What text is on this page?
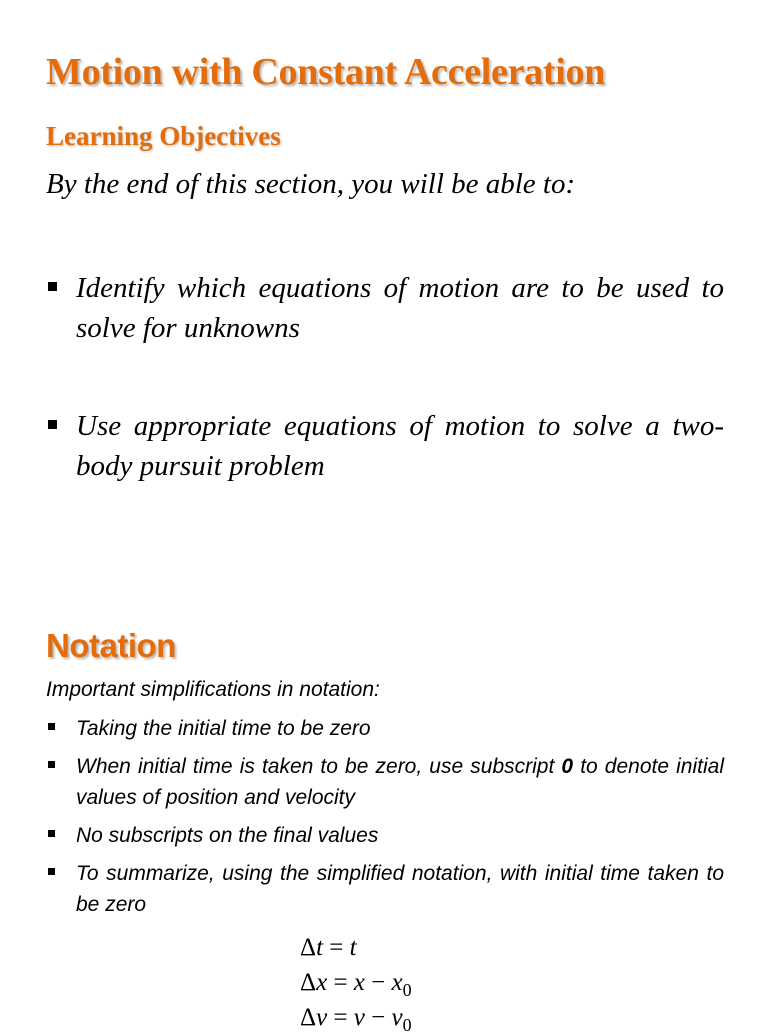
Motion with Constant Acceleration
Learning Objectives

By the end of this section, you will be able to:

Identify which equations of motion are to be used to solve for unknowns
Use appropriate equations of motion to solve a two-body pursuit problem
Notation

Important simplifications in notation:

Taking the initial time to be zero
When initial time is taken to be zero, use subscript 0 to denote initial values of position and velocity
No subscripts on the final values
To summarize, using the simplified notation, with initial time taken to be zero
Δt = t
$\Delta x = x - x_0$
$\Delta v = v - v_0$
